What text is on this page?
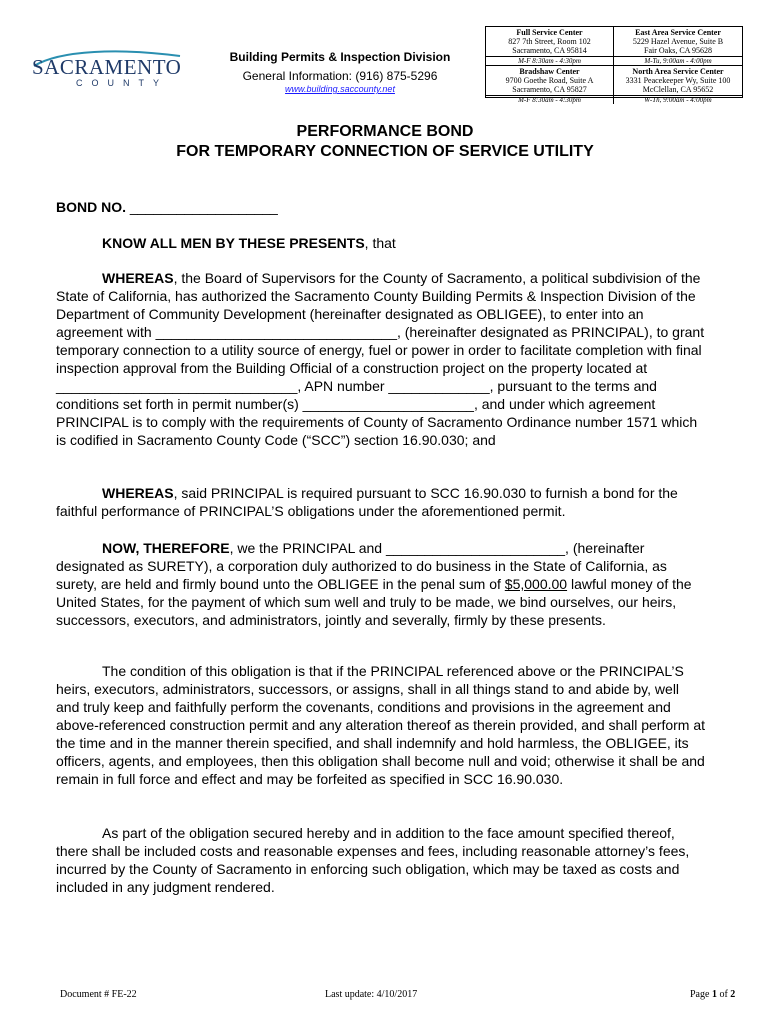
SACRAMENTO
COUNTY
Building Permits & Inspection Division
General Information: (916) 875-5296
www.building.saccounty.net
Full Service Center
827 7th Street, Room 102
Sacramento, CA 95814
M-F 8:30am - 4:30pm
East Area Service Center
5229 Hazel Avenue, Suite B
Fair Oaks, CA 95628
M-Tu, 9:00am - 4:00pm
Bradshaw Center
9700 Goethe Road, Suite A
Sacramento, CA 95827
M-F 8:30am - 4:30pm
North Area Service Center
3331 Peacekeeper Wy, Suite 100
McClellan, CA 95652
W-Th, 9:00am - 4:00pm
PERFORMANCE BOND
FOR TEMPORARY CONNECTION OF SERVICE UTILITY
BOND NO. ___________________
KNOW ALL MEN BY THESE PRESENTS, that

WHEREAS, the Board of Supervisors for the County of Sacramento, a political subdivision of the State of California, has authorized the Sacramento County Building Permits & Inspection Division of the Department of Community Development (hereinafter designated as OBLIGEE), to enter into an agreement with _______________________________, (hereinafter designated as PRINCIPAL), to grant temporary connection to a utility source of energy, fuel or power in order to facilitate completion with final inspection approval from the Building Official of a construction project on the property located at _______________________________, APN number _____________, pursuant to the terms and conditions set forth in permit number(s) ______________________, and under which agreement PRINCIPAL is to comply with the requirements of County of Sacramento Ordinance number 1571 which is codified in Sacramento County Code (“SCC”) section 16.90.030; and

WHEREAS, said PRINCIPAL is required pursuant to SCC 16.90.030 to furnish a bond for the faithful performance of PRINCIPAL’S obligations under the aforementioned permit.

NOW, THEREFORE, we the PRINCIPAL and _______________________, (hereinafter designated as SURETY), a corporation duly authorized to do business in the State of California, as surety, are held and firmly bound unto the OBLIGEE in the penal sum of $5,000.00 lawful money of the United States, for the payment of which sum well and truly to be made, we bind ourselves, our heirs, successors, executors, and administrators, jointly and severally, firmly by these presents.

The condition of this obligation is that if the PRINCIPAL referenced above or the PRINCIPAL’S heirs, executors, administrators, successors, or assigns, shall in all things stand to and abide by, well and truly keep and faithfully perform the covenants, conditions and provisions in the agreement and above-referenced construction permit and any alteration thereof as therein provided, and shall perform at the time and in the manner therein specified, and shall indemnify and hold harmless, the OBLIGEE, its officers, agents, and employees, then this obligation shall become null and void; otherwise it shall be and remain in full force and effect and may be forfeited as specified in SCC 16.90.030.

As part of the obligation secured hereby and in addition to the face amount specified thereof, there shall be included costs and reasonable expenses and fees, including reasonable attorney’s fees, incurred by the County of Sacramento in enforcing such obligation, which may be taxed as costs and included in any judgment rendered.

Document # FE-22	Last update: 4/10/2017	Page 1 of 2
